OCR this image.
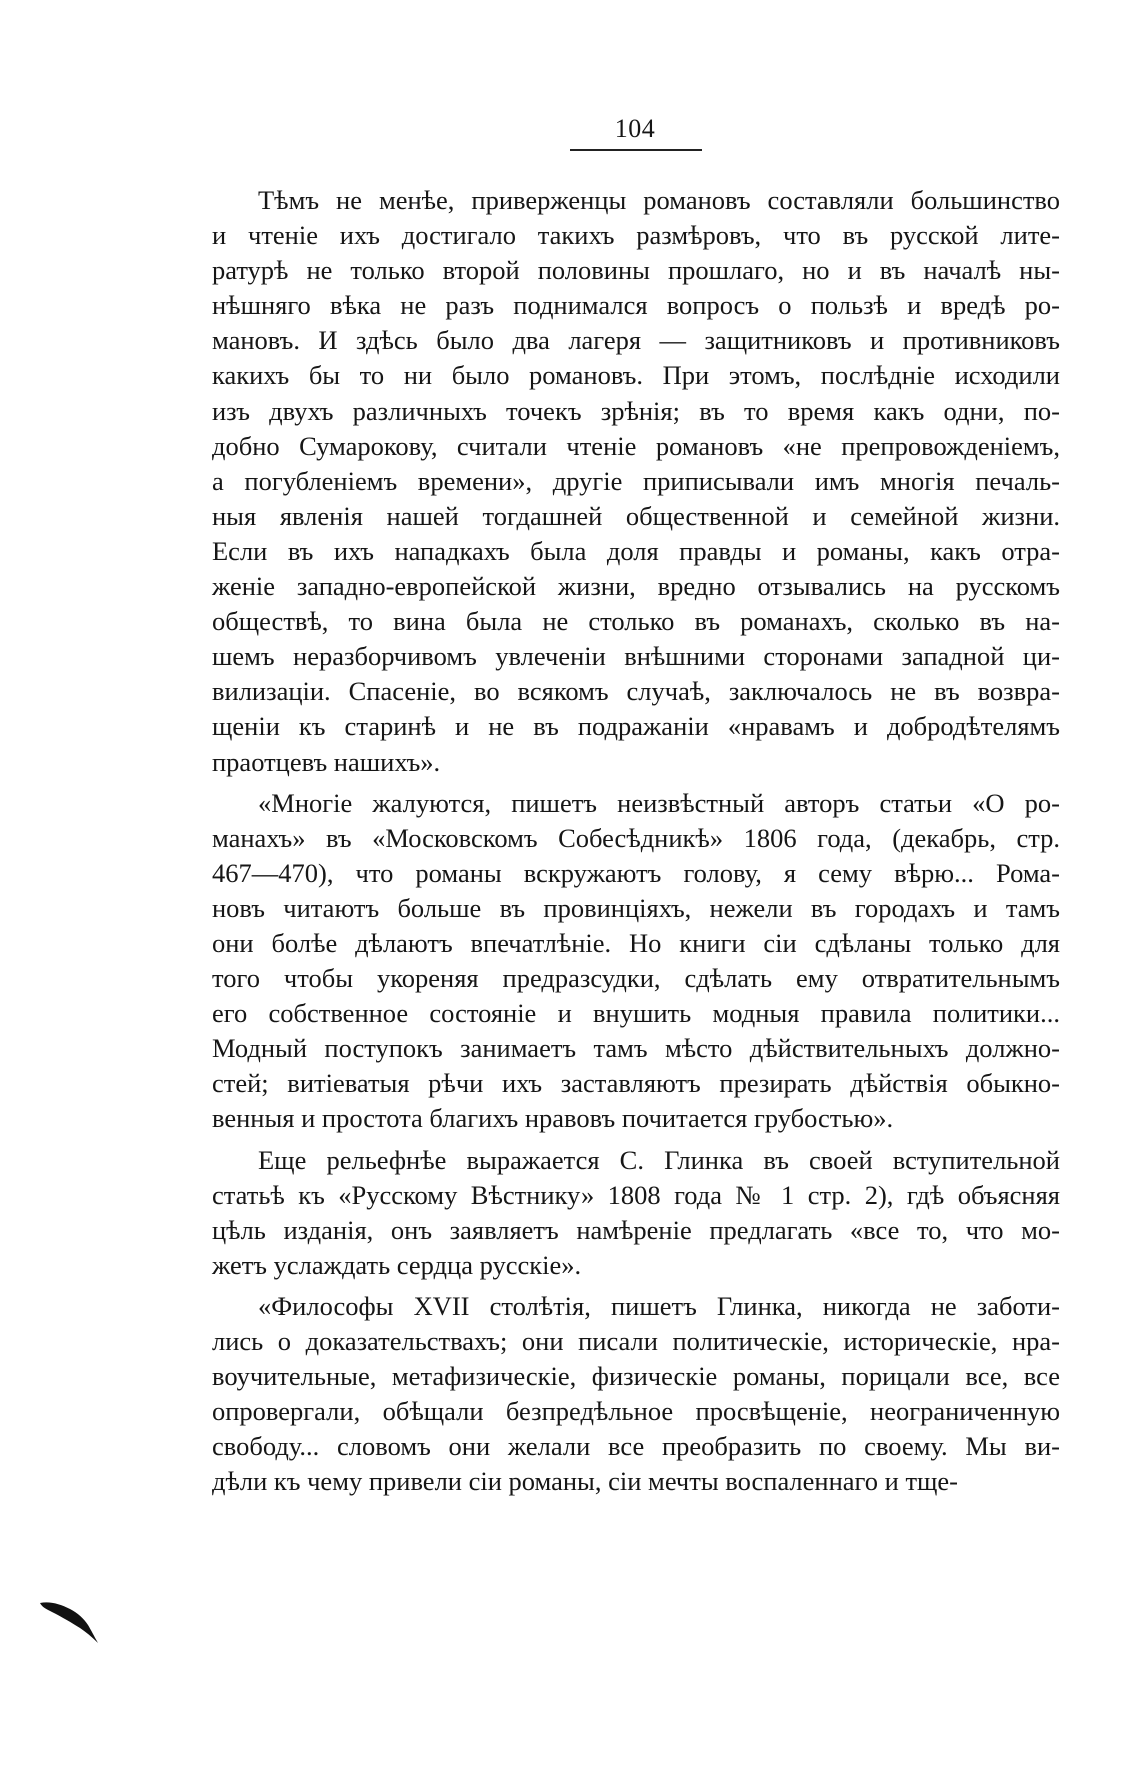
104
Тѣмъ не менѣе, приверженцы романовъ составляли большинство
и чтеніе ихъ достигало такихъ размѣровъ, что въ русской лите-
ратурѣ не только второй половины прошлаго, но и въ началѣ ны-
нѣшняго вѣка не разъ поднимался вопросъ о пользѣ и вредѣ ро-
мановъ. И здѣсь было два лагеря — защитниковъ и противниковъ
какихъ бы то ни было романовъ. При этомъ, послѣдніе исходили
изъ двухъ различныхъ точекъ зрѣнія; въ то время какъ одни, по-
добно Сумарокову, считали чтеніе романовъ «не препровожденіемъ,
а погубленіемъ времени», другіе приписывали имъ многія печаль-
ныя явленія нашей тогдашней общественной и семейной жизни.
Если въ ихъ нападкахъ была доля правды и романы, какъ отра-
женіе западно-европейской жизни, вредно отзывались на русскомъ
обществѣ, то вина была не столько въ романахъ, сколько въ на-
шемъ неразборчивомъ увлеченіи внѣшними сторонами западной ци-
вилизаціи. Спасеніе, во всякомъ случаѣ, заключалось не въ возвра-
щеніи къ старинѣ и не въ подражаніи «нравамъ и добродѣтелямъ
праотцевъ нашихъ».
«Многіе жалуются, пишетъ неизвѣстный авторъ статьи «О ро-
манахъ» въ «Московскомъ Собесѣдникѣ» 1806 года, (декабрь, стр.
467—470), что романы вскружаютъ голову, я сему вѣрю... Рома-
новъ читаютъ больше въ провинціяхъ, нежели въ городахъ и тамъ
они болѣе дѣлаютъ впечатлѣніе. Но книги сіи сдѣланы только для
того чтобы укореняя предразсудки, сдѣлать ему отвратительнымъ
его собственное состояніе и внушить модныя правила политики...
Модный поступокъ занимаетъ тамъ мѣсто дѣйствительныхъ должно-
стей; витіеватыя рѣчи ихъ заставляютъ презирать дѣйствія обыкно-
венныя и простота благихъ нравовъ почитается грубостью».
Еще рельефнѣе выражается С. Глинка въ своей вступительной
статьѣ къ «Русскому Вѣстнику» 1808 года № 1 стр. 2), гдѣ объясняя
цѣль изданія, онъ заявляетъ намѣреніе предлагать «все то, что мо-
жетъ услаждать сердца русскіе».
«Философы XVII столѣтія, пишетъ Глинка, никогда не заботи-
лись о доказательствахъ; они писали политическіе, историческіе, нра-
воучительные, метафизическіе, физическіе романы, порицали все, все
опровергали, обѣщали безпредѣльное просвѣщеніе, неограниченную
свободу... словомъ они желали все преобразить по своему. Мы ви-
дѣли къ чему привели сіи романы, сіи мечты воспаленнаго и тще-
